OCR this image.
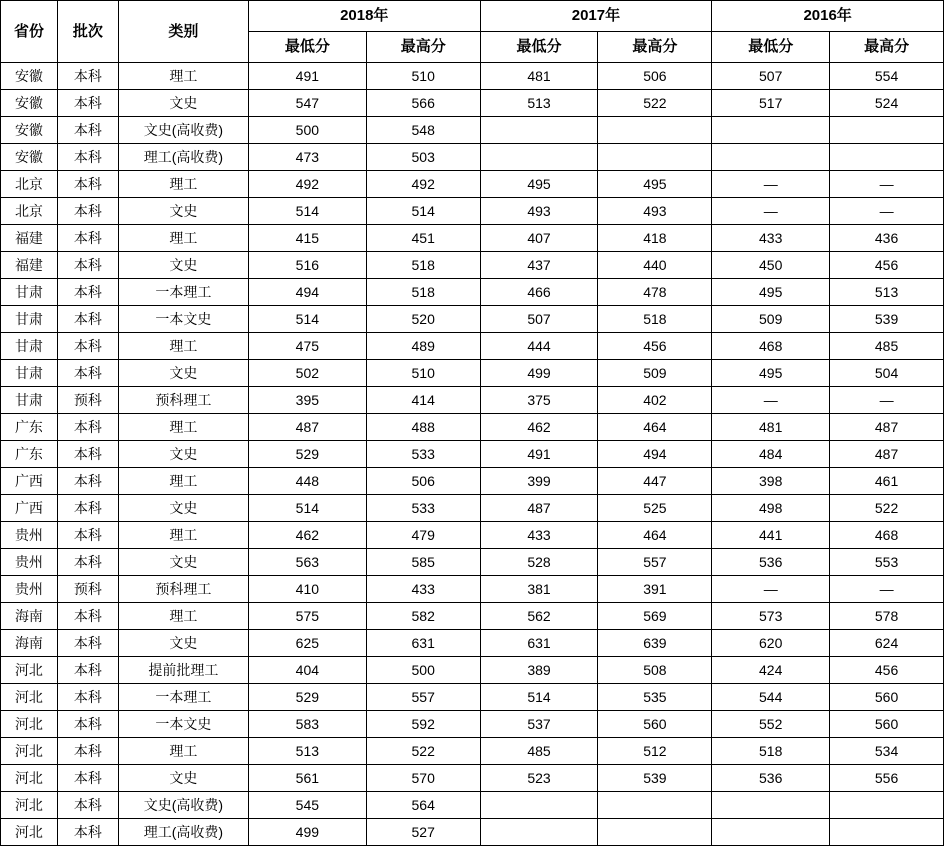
省份	批次	类别	2018年		2017年		2016年	
			最低分	最高分	最低分	最高分	最低分	最高分
安徽	本科	理工	491	510	481	506	507	554
安徽	本科	文史	547	566	513	522	517	524
安徽	本科	文史(高收费)	500	548				
安徽	本科	理工(高收费)	473	503				
北京	本科	理工	492	492	495	495	—	—
北京	本科	文史	514	514	493	493	—	—
福建	本科	理工	415	451	407	418	433	436
福建	本科	文史	516	518	437	440	450	456
甘肃	本科	一本理工	494	518	466	478	495	513
甘肃	本科	一本文史	514	520	507	518	509	539
甘肃	本科	理工	475	489	444	456	468	485
甘肃	本科	文史	502	510	499	509	495	504
甘肃	预科	预科理工	395	414	375	402	—	—
广东	本科	理工	487	488	462	464	481	487
广东	本科	文史	529	533	491	494	484	487
广西	本科	理工	448	506	399	447	398	461
广西	本科	文史	514	533	487	525	498	522
贵州	本科	理工	462	479	433	464	441	468
贵州	本科	文史	563	585	528	557	536	553
贵州	预科	预科理工	410	433	381	391	—	—
海南	本科	理工	575	582	562	569	573	578
海南	本科	文史	625	631	631	639	620	624
河北	本科	提前批理工	404	500	389	508	424	456
河北	本科	一本理工	529	557	514	535	544	560
河北	本科	一本文史	583	592	537	560	552	560
河北	本科	理工	513	522	485	512	518	534
河北	本科	文史	561	570	523	539	536	556
河北	本科	文史(高收费)	545	564				
河北	本科	理工(高收费)	499	527				
